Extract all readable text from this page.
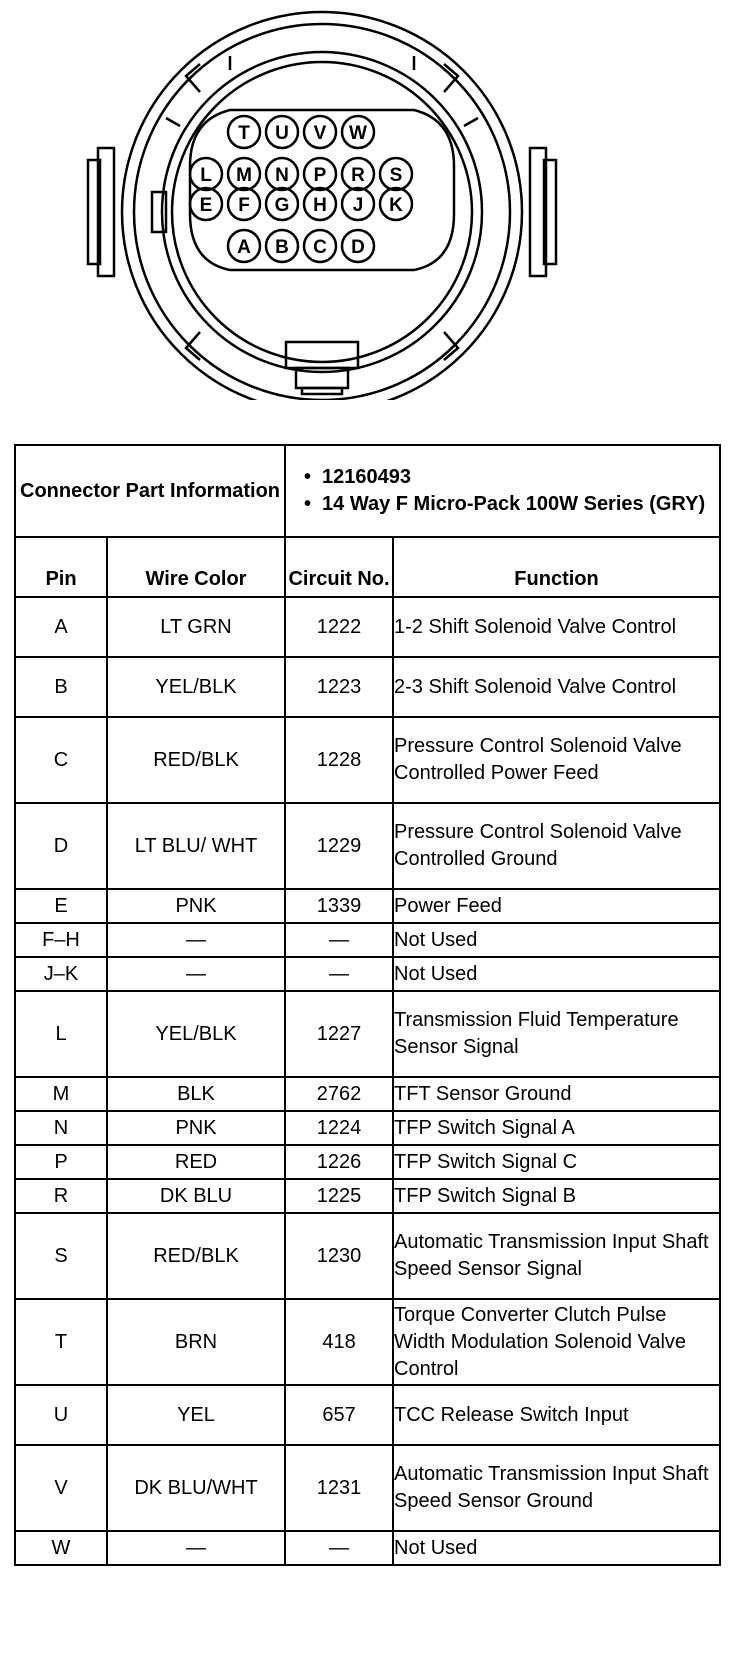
T U V W
L M N P R S
E F G H J K
A B C D
Connector Part Information		• 12160493
• 14 Way F Micro-Pack 100W Series (GRY)

Pin	Wire Color	Circuit No.	Function
A	LT GRN	1222	1-2 Shift Solenoid Valve Control
B	YEL/BLK	1223	2-3 Shift Solenoid Valve Control
C	RED/BLK	1228	Pressure Control Solenoid Valve Controlled Power Feed
D	LT BLU/ WHT	1229	Pressure Control Solenoid Valve Controlled Ground
E	PNK	1339	Power Feed
F–H	—	—	Not Used
J–K	—	—	Not Used
L	YEL/BLK	1227	Transmission Fluid Temperature Sensor Signal
M	BLK	2762	TFT Sensor Ground
N	PNK	1224	TFP Switch Signal A
P	RED	1226	TFP Switch Signal C
R	DK BLU	1225	TFP Switch Signal B
S	RED/BLK	1230	Automatic Transmission Input Shaft Speed Sensor Signal
T	BRN	418	Torque Converter Clutch Pulse Width Modulation Solenoid Valve Control
U	YEL	657	TCC Release Switch Input
V	DK BLU/WHT	1231	Automatic Transmission Input Shaft Speed Sensor Ground
W	—	—	Not Used
